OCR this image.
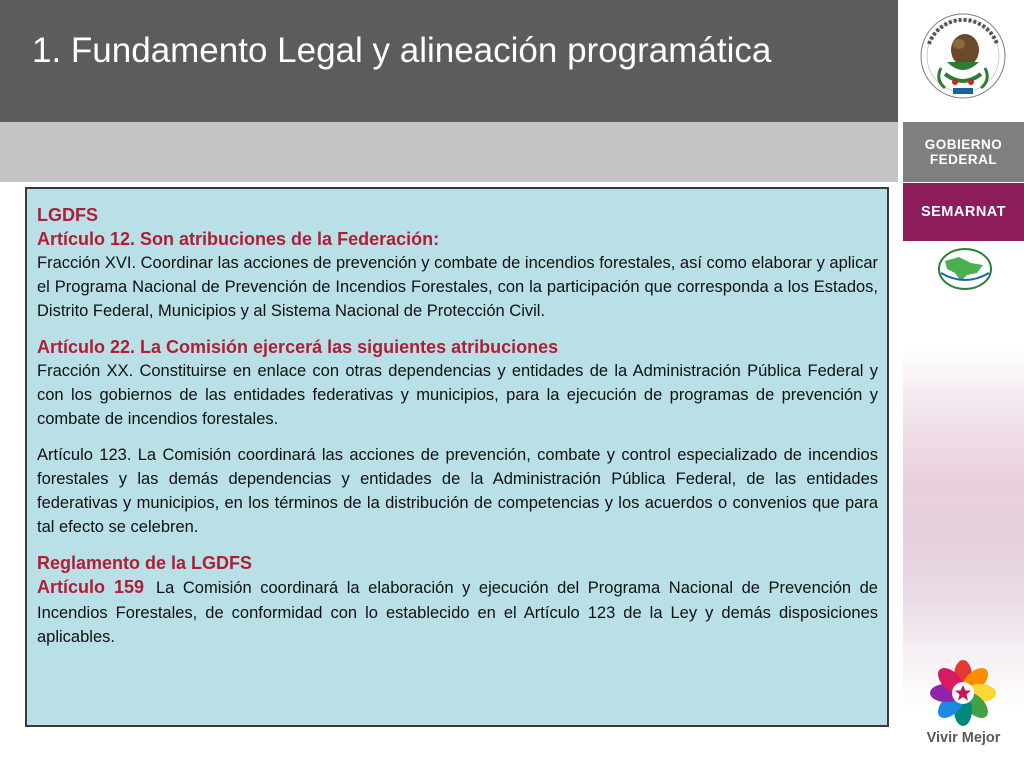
1. Fundamento Legal y alineación programática
LGDFS
Artículo 12. Son atribuciones de la Federación:
Fracción XVI. Coordinar las acciones de prevención y combate de incendios forestales, así como elaborar y aplicar el Programa Nacional de Prevención de Incendios Forestales, con la participación que corresponda a los Estados, Distrito Federal, Municipios y al Sistema Nacional de Protección Civil.
Artículo 22. La Comisión ejercerá las siguientes atribuciones:
Fracción XX. Constituirse en enlace con otras dependencias y entidades de la Administración Pública Federal y con los gobiernos de las entidades federativas y municipios, para la ejecución de programas de prevención y combate de incendios forestales.
Artículo 123. La Comisión coordinará las acciones de prevención, combate y control especializado de incendios forestales y las demás dependencias y entidades de la Administración Pública Federal, de las entidades federativas y municipios, en los términos de la distribución de competencias y los acuerdos o convenios que para tal efecto se celebren.
Reglamento de la LGDFS
Artículo 159. La Comisión coordinará la elaboración y ejecución del Programa Nacional de Prevención de Incendios Forestales, de conformidad con lo establecido en el Artículo 123 de la Ley y demás disposiciones aplicables.
GOBIERNO
FEDERAL
SEMARNAT
Vivir Mejor
